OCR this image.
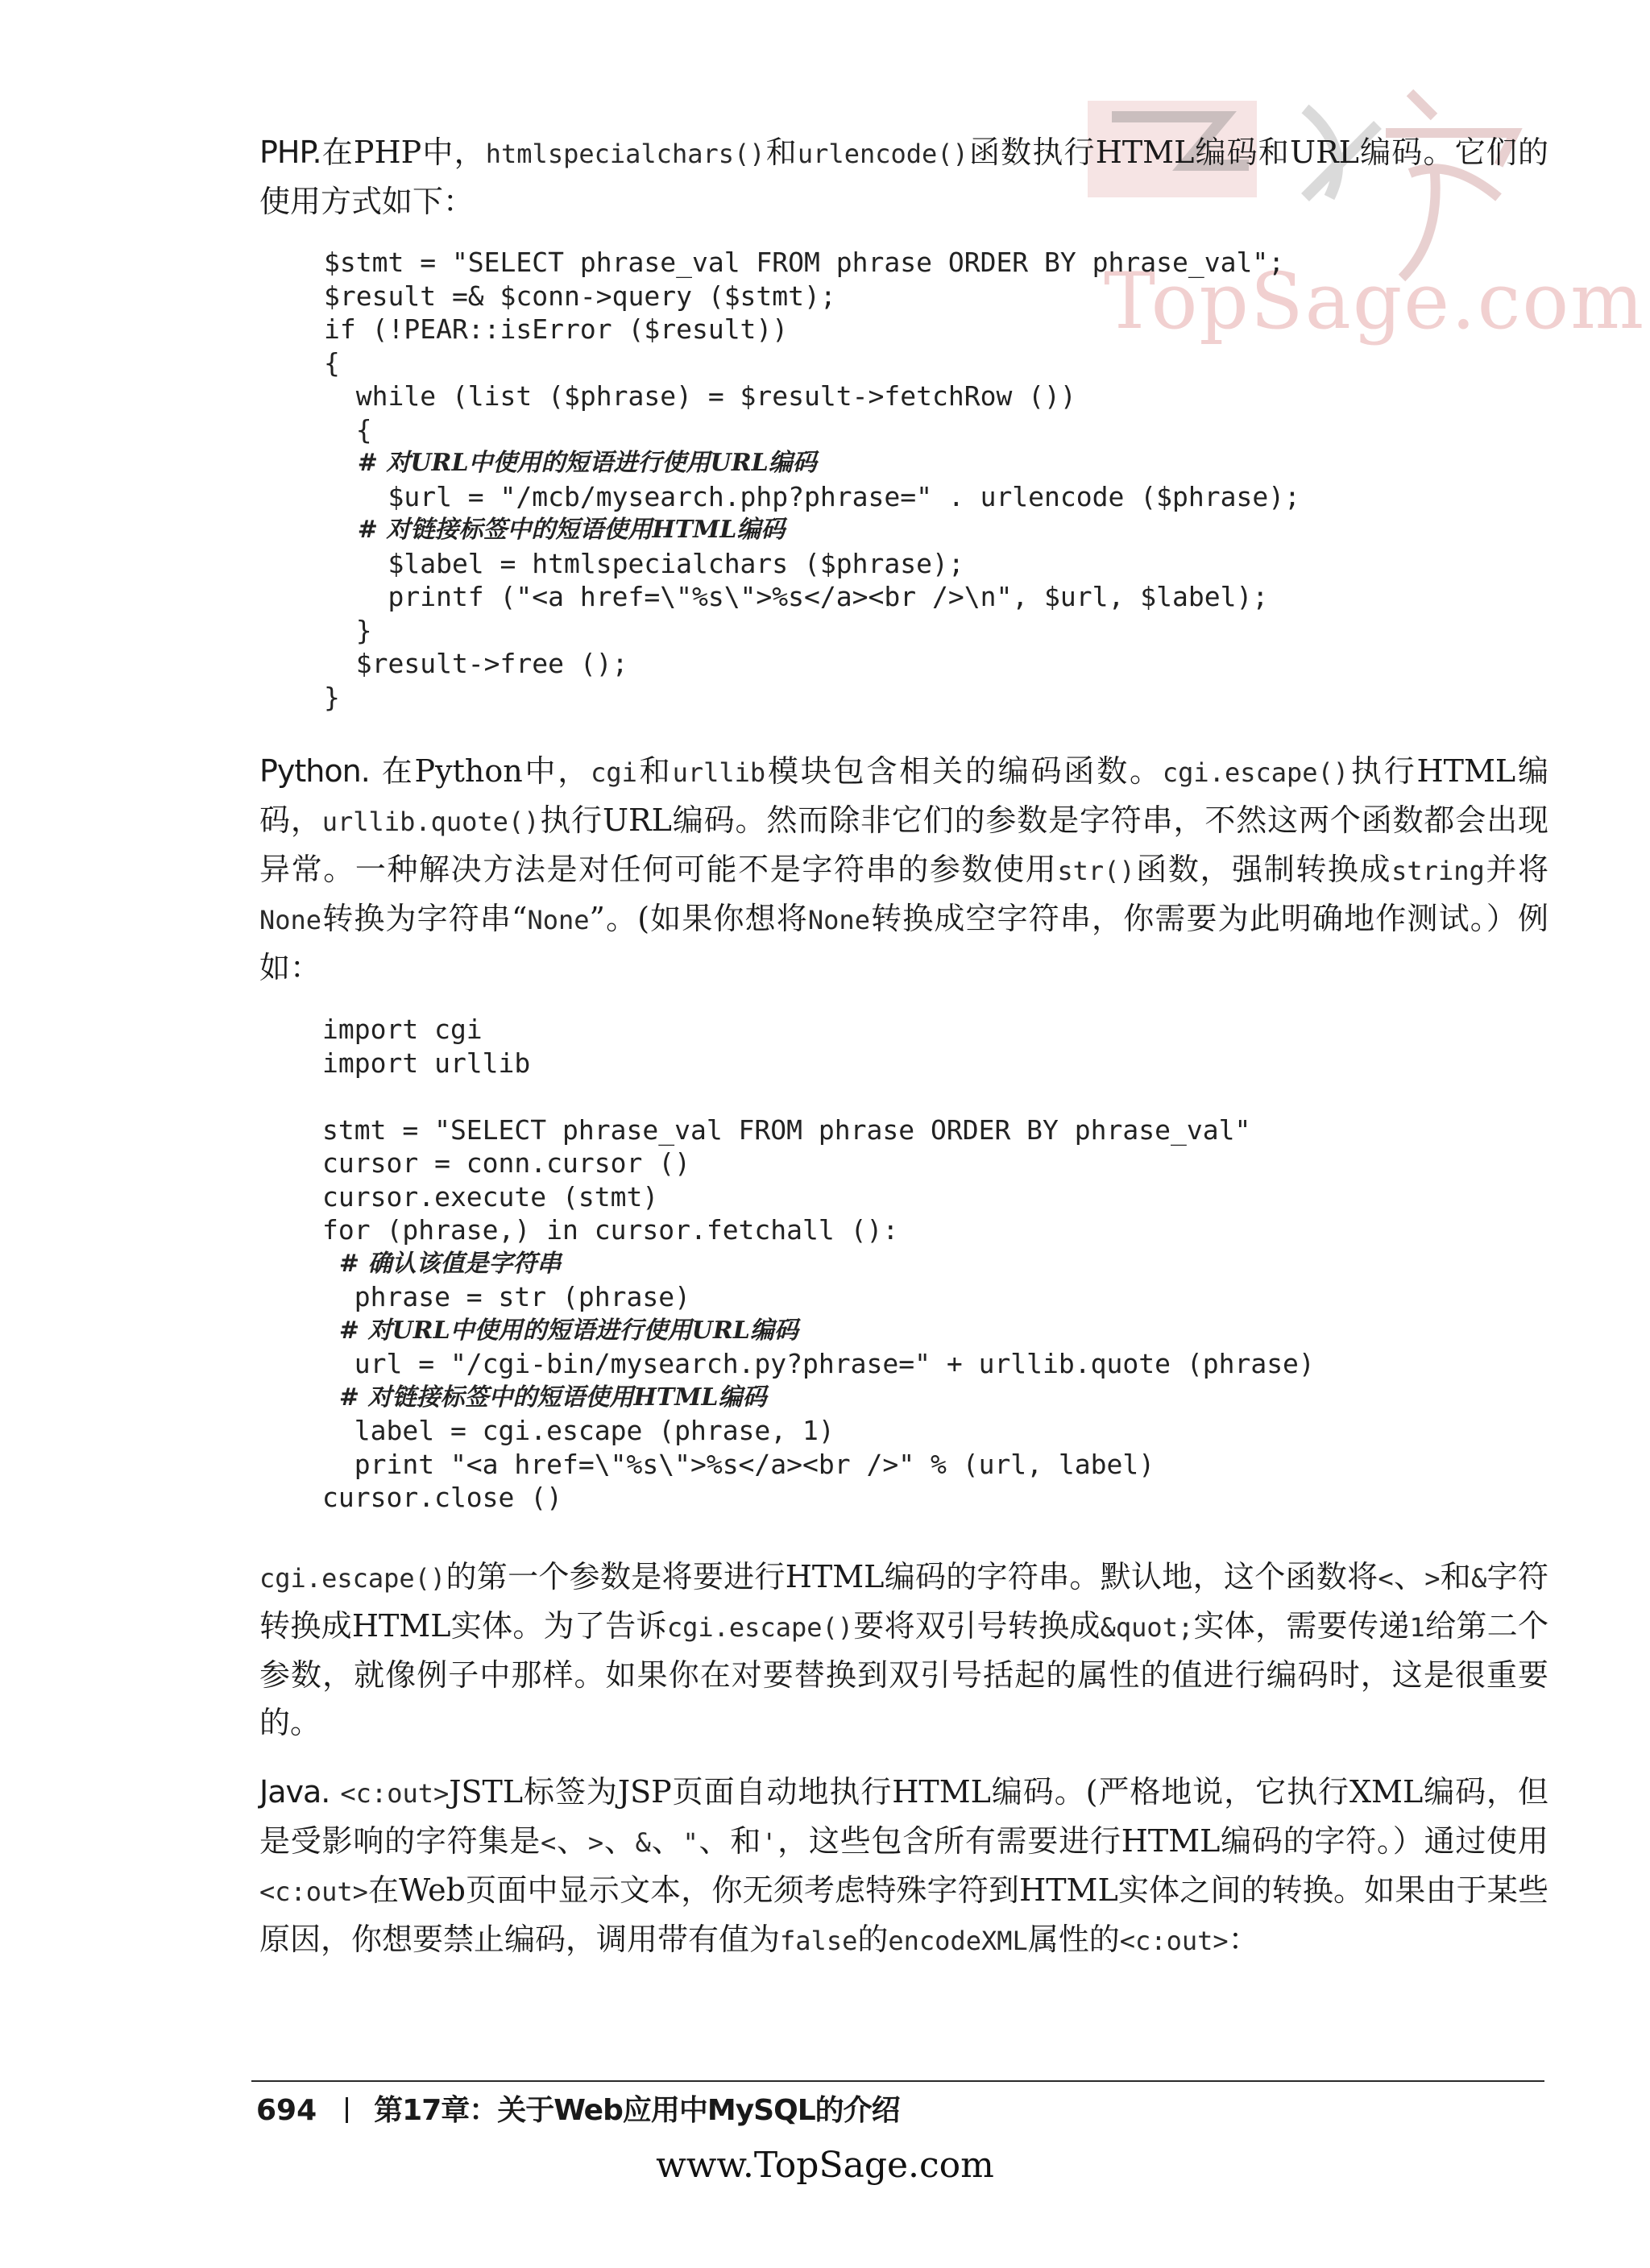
TopSage.com

PHP.在PHP中，htmlspecialchars()和urlencode()函数执行HTML编码和URL编码。它们的使用方式如下：

$stmt = "SELECT phrase_val FROM phrase ORDER BY phrase_val";
$result =& $conn->query ($stmt);
if (!PEAR::isError ($result))
{
while (list ($phrase) = $result->fetchRow ())
{
# 对URL中使用的短语进行使用URL编码
$url = "/mcb/mysearch.php?phrase=" . urlencode ($phrase);
# 对链接标签中的短语使用HTML编码
$label = htmlspecialchars ($phrase);
printf ("<a href=\"%s\">%s</a><br />\n", $url, $label);
}
$result->free ();
}

Python. 在Python中，cgi和urllib模块包含相关的编码函数。cgi.escape()执行HTML编码，urllib.quote()执行URL编码。然而除非它们的参数是字符串，不然这两个函数都会出现异常。一种解决方法是对任何可能不是字符串的参数使用str()函数，强制转换成string并将None转换为字符串“None”。(如果你想将None转换成空字符串，你需要为此明确地作测试。）例如：

import cgi
import urllib

stmt = "SELECT phrase_val FROM phrase ORDER BY phrase_val"
cursor = conn.cursor ()
cursor.execute (stmt)
for (phrase,) in cursor.fetchall ():
# 确认该值是字符串
phrase = str (phrase)
# 对URL中使用的短语进行使用URL编码
url = "/cgi-bin/mysearch.py?phrase=" + urllib.quote (phrase)
# 对链接标签中的短语使用HTML编码
label = cgi.escape (phrase, 1)
print "<a href=\"%s\">%s</a><br />" % (url, label)
cursor.close ()

cgi.escape()的第一个参数是将要进行HTML编码的字符串。默认地，这个函数将<、>和&字符转换成HTML实体。为了告诉cgi.escape()要将双引号转换成&quot;实体，需要传递1给第二个参数，就像例子中那样。如果你在对要替换到双引号括起的属性的值进行编码时，这是很重要的。

Java. <c:out>JSTL标签为JSP页面自动地执行HTML编码。(严格地说，它执行XML编码，但是受影响的字符集是<、>、&、"、和'，这些包含所有需要进行HTML编码的字符。）通过使用<c:out>在Web页面中显示文本，你无须考虑特殊字符到HTML实体之间的转换。如果由于某些原因，你想要禁止编码，调用带有值为false的encodeXML属性的<c:out>：

694 第17章：关于Web应用中MySQL的介绍
www.TopSage.com
